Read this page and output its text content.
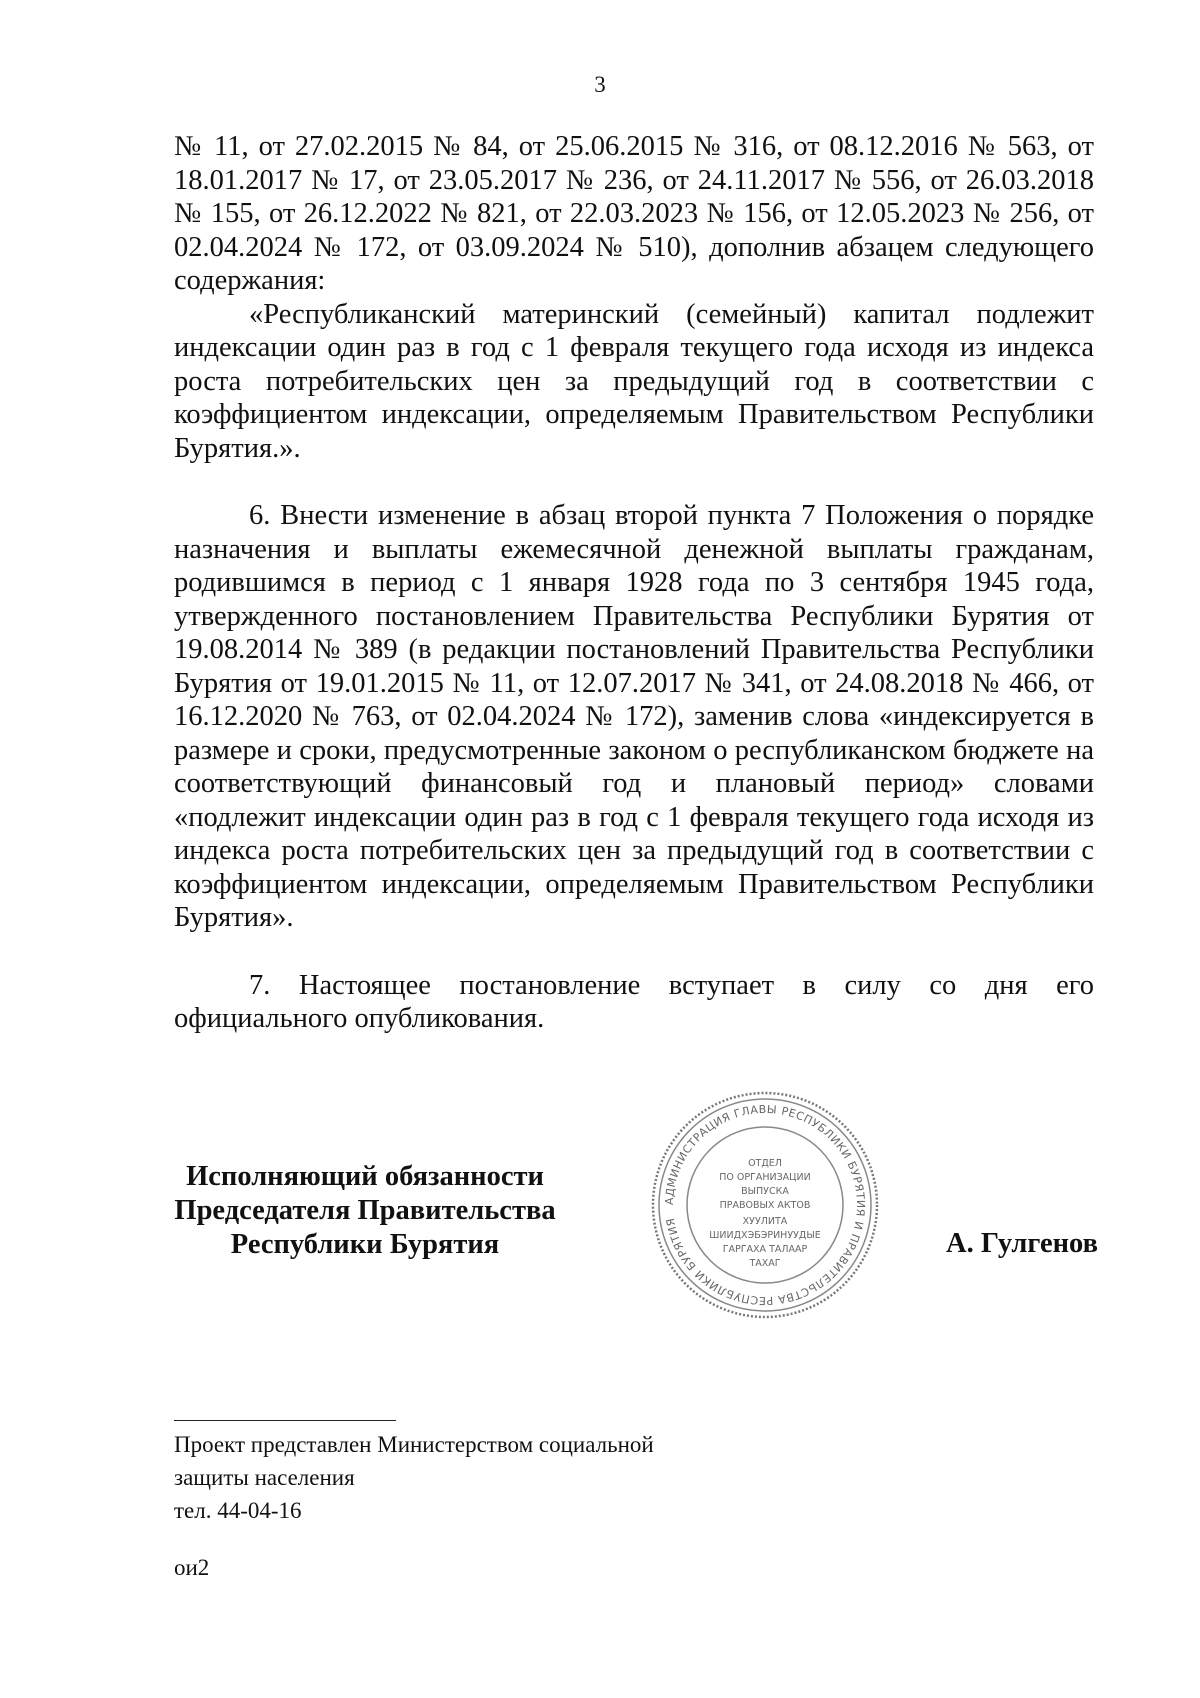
3

№ 11, от 27.02.2015 № 84, от 25.06.2015 № 316, от 08.12.2016 № 563, от 18.01.2017 № 17, от 23.05.2017 № 236, от 24.11.2017 № 556, от 26.03.2018 № 155, от 26.12.2022 № 821, от 22.03.2023 № 156, от 12.05.2023 № 256, от 02.04.2024 № 172, от 03.09.2024 № 510), дополнив абзацем следующего содержания:

«Республиканский материнский (семейный) капитал подлежит индексации один раз в год с 1 февраля текущего года исходя из индекса роста потребительских цен за предыдущий год в соответствии с коэффициентом индексации, определяемым Правительством Республики Бурятия.».

6. Внести изменение в абзац второй пункта 7 Положения о порядке назначения и выплаты ежемесячной денежной выплаты гражданам, родившимся в период с 1 января 1928 года по 3 сентября 1945 года, утвержденного постановлением Правительства Республики Бурятия от 19.08.2014 № 389 (в редакции постановлений Правительства Республики Бурятия от 19.01.2015 № 11, от 12.07.2017 № 341, от 24.08.2018 № 466, от 16.12.2020 № 763, от 02.04.2024 № 172), заменив слова «индексируется в размере и сроки, предусмотренные законом о республиканском бюджете на соответствующий финансовый год и плановый период» словами «подлежит индексации один раз в год с 1 февраля текущего года исходя из индекса роста потребительских цен за предыдущий год в соответствии с коэффициентом индексации, определяемым Правительством Республики Бурятия».

7. Настоящее постановление вступает в силу со дня его официального опубликования.

Исполняющий обязанности
Председателя Правительства
Республики Бурятия
АДМИНИСТРАЦИЯ ГЛАВЫ РЕСПУБЛИКИ БУРЯТИЯ И ПРАВИТЕЛЬСТВА РЕСПУБЛИКИ БУРЯТИЯ
ОТДЕЛ
ПО ОРГАНИЗАЦИИ
ВЫПУСКА
ПРАВОВЫХ АКТОВ
ХУУЛИТА
ШИИДХЭБЭРИНУУДЫЕ
ГАРГАХА ТАЛААР
ТАХАГ
А. Гулгенов
Проект представлен Министерством социальной
защиты населения
тел. 44-04-16
ои2
